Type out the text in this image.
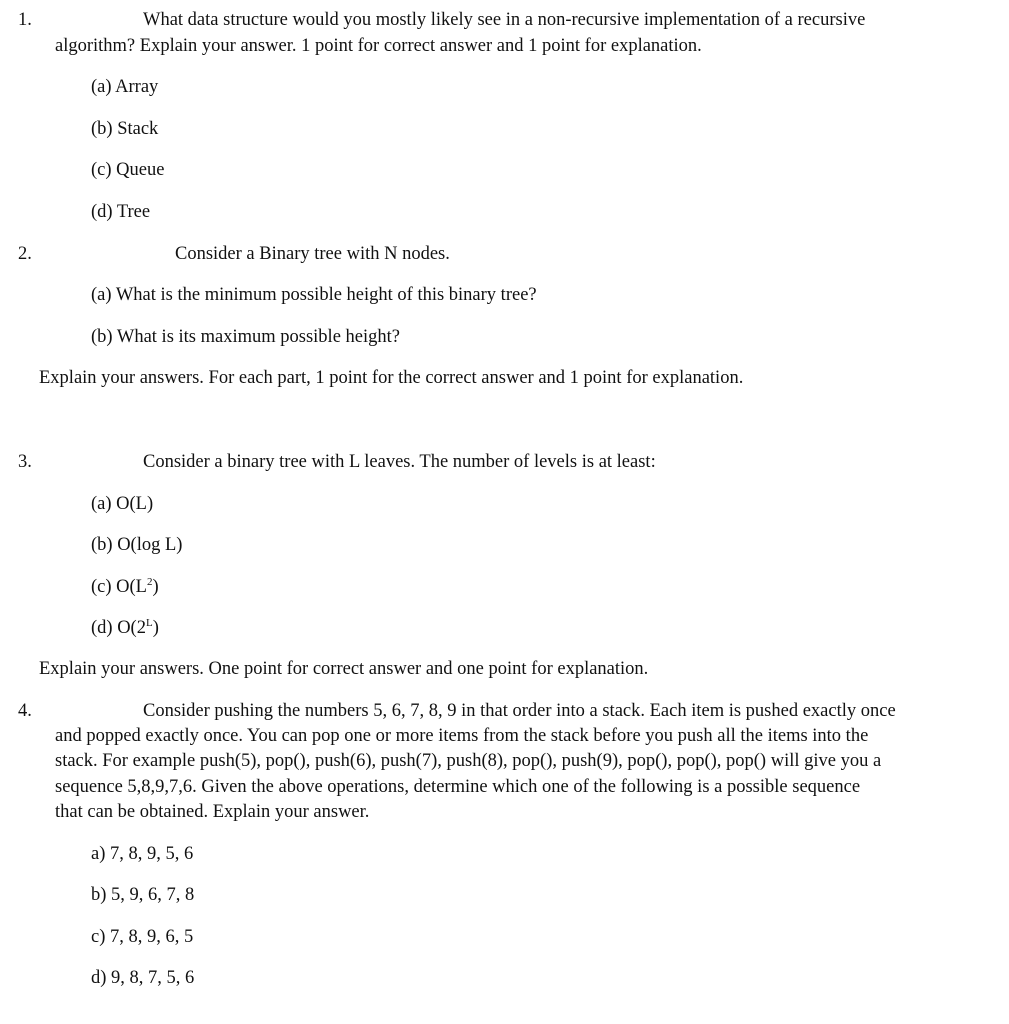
1.	What data structure would you mostly likely see in a non-recursive implementation of a recursive
algorithm? Explain your answer. 1 point for correct answer and 1 point for explanation.
(a) Array
(b) Stack
(c) Queue
(d) Tree
2.	Consider a Binary tree with N nodes.
(a) What is the minimum possible height of this binary tree?
(b) What is its maximum possible height?
Explain your answers. For each part, 1 point for the correct answer and 1 point for explanation.
3.	Consider a binary tree with L leaves. The number of levels is at least:
(a) O(L)
(b) O(log L)
(c) $O(L^2)$
(d) $O(2^L)$
Explain your answers. One point for correct answer and one point for explanation.
4.	Consider pushing the numbers 5, 6, 7, 8, 9 in that order into a stack. Each item is pushed exactly once
and popped exactly once. You can pop one or more items from the stack before you push all the items into the
stack. For example push(5), pop(), push(6), push(7), push(8), pop(), push(9), pop(), pop(), pop() will give you a
sequence 5,8,9,7,6. Given the above operations, determine which one of the following is a possible sequence
that can be obtained. Explain your answer.
a) 7, 8, 9, 5, 6
b) 5, 9, 6, 7, 8
c) 7, 8, 9, 6, 5
d) 9, 8, 7, 5, 6
